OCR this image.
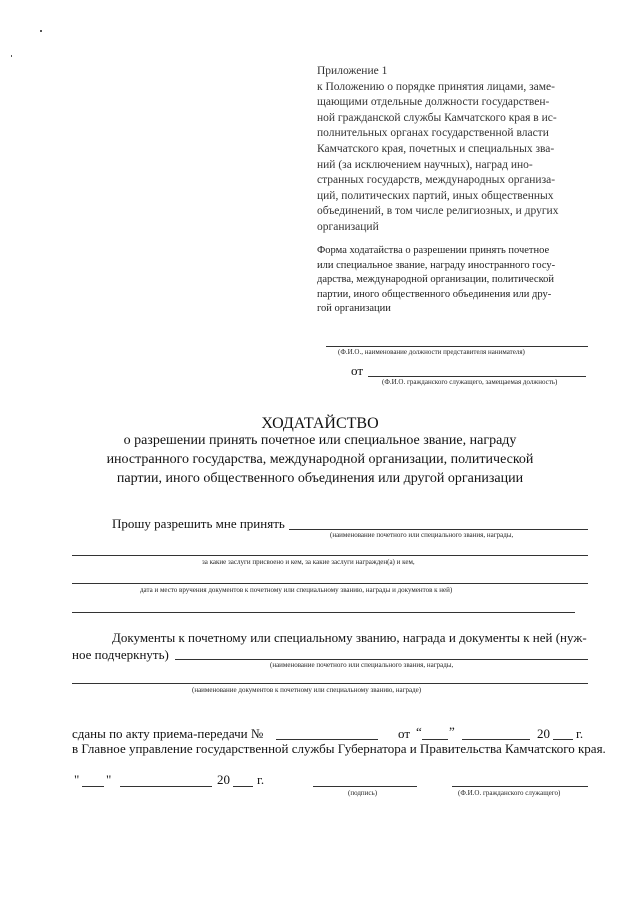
Приложение 1
к Положению о порядке принятия лицами, заме-
щающими отдельные должности государствен-
ной гражданской службы Камчатского края в ис-
полнительных органах государственной власти
Камчатского края, почетных и специальных зва-
ний (за исключением научных), наград ино-
странных государств, международных организа-
ций, политических партий, иных общественных
объединений, в том числе религиозных, и других
организаций
Форма ходатайства о разрешении принять почетное
или специальное звание, награду иностранного госу-
дарства, международной организации, политической
партии, иного общественного объединения или дру-
гой организации
(Ф.И.О., наименование должности представителя нанимателя)
от
(Ф.И.О. гражданского служащего, замещаемая должность)
ХОДАТАЙСТВО
о разрешении принять почетное или специальное звание, награду
иностранного государства, международной организации, политической
партии, иного общественного объединения или другой организации
Прошу разрешить мне принять
(наименование почетного или специального звания, награды,
за какие заслуги присвоено и кем, за какие заслуги награжден(а) и кем,
дата и место вручения документов к почетному или специальному званию, награды и документов к ней)
Документы к почетному или специальному званию, награда и документы к ней (нуж-
ное подчеркнуть)
(наименование почетного или специального звания, награды,
(наименование документов к почетному или специальному званию, награде)
сданы по акту приема-передачи №	от “ ”	20 г.
в Главное управление государственной службы Губернатора и Правительства Камчатского края.
" "	20 г.
(подпись)	(Ф.И.О. гражданского служащего)
